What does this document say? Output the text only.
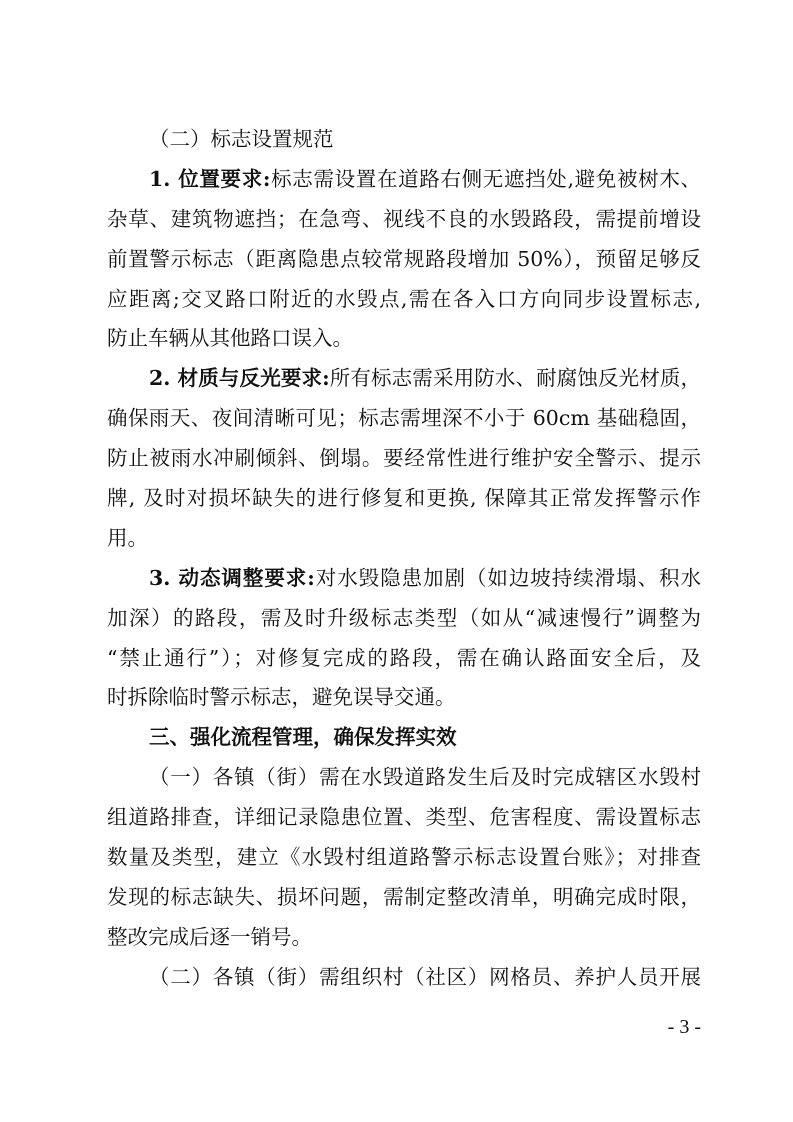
（二）标志设置规范
1. 位置要求:标志需设置在道路右侧无遮挡处,避免被树木、
杂草、建筑物遮挡；在急弯、视线不良的水毁路段，需提前增设
前置警示标志（距离隐患点较常规路段增加 50%），预留足够反
应距离;交叉路口附近的水毁点,需在各入口方向同步设置标志,
防止车辆从其他路口误入。
2. 材质与反光要求:所有标志需采用防水、耐腐蚀反光材质，
确保雨天、夜间清晰可见；标志需埋深不小于 60cm 基础稳固，
防止被雨水冲刷倾斜、倒塌。要经常性进行维护安全警示、提示
牌, 及时对损坏缺失的进行修复和更换, 保障其正常发挥警示作
用。
3. 动态调整要求:对水毁隐患加剧（如边坡持续滑塌、积水
加深）的路段，需及时升级标志类型（如从“减速慢行”调整为
“禁止通行”）；对修复完成的路段，需在确认路面安全后，及
时拆除临时警示标志，避免误导交通。
三、强化流程管理，确保发挥实效
（一）各镇（街）需在水毁道路发生后及时完成辖区水毁村
组道路排查，详细记录隐患位置、类型、危害程度、需设置标志
数量及类型，建立《水毁村组道路警示标志设置台账》；对排查
发现的标志缺失、损坏问题，需制定整改清单，明确完成时限，
整改完成后逐一销号。
（二）各镇（街）需组织村（社区）网格员、养护人员开展
- 3 -
